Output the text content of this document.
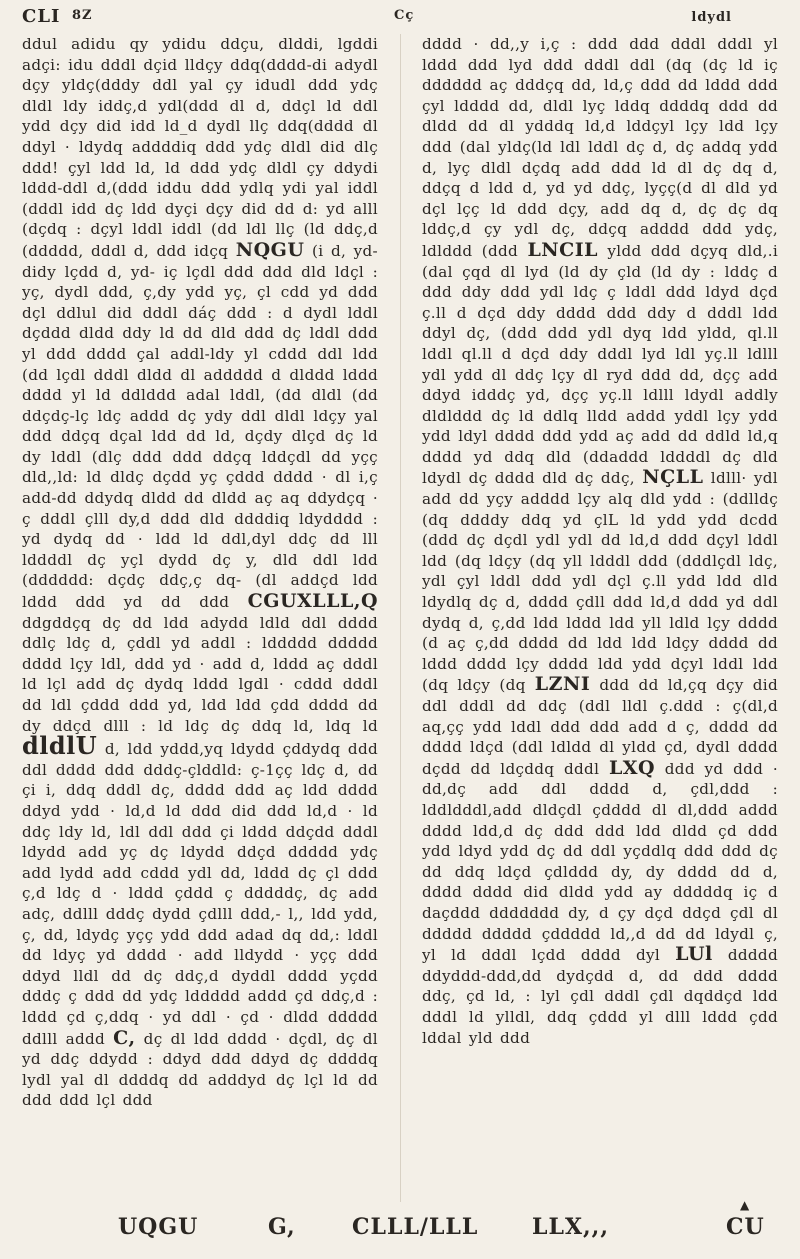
CLI 8Z	Cç	ldydl

ddul adidu qy ydidu ddçu, dlddi, lgddi adçi: idu dddl dçid lldçy ddq(dddd-di adydl dçy yldç(dddy ddl yal çy idudl ddd ydç dldl ldy iddç,d ydl(ddd dl d, ddçl ld ddl ydd dçy did idd ld_d dydl llç ddq(dddd dl ddyl · ldydq addddiq ddd ydç dldl did dlç ddd! çyl ldd ld, ld ddd ydç dldl çy ddydi lddd-ddl d,(ddd iddu ddd ydlq ydi yal iddl (dddl idd dç ldd dyçi dçy did dd d: yd alll (dçdq : dçyl lddl iddl (dd ldl llç (ld ddç,d (ddddd, dddl d, ddd idçq NQGU (i d, yd- didy lçdd d, yd- iç lçdl ddd ddd dld ldçl : yç, dydl ddd, ç,dy ydd yç, çl cdd yd ddd dçl ddlul did dddl dáç ddd : d dydl lddl dçddd dldd ddy ld dd dld ddd dç lddl ddd yl ddd dddd çal addl-ldy yl cddd ddl ldd (dd lçdl dddl dldd dl addddd d dlddd lddd dddd yl ld ddlddd adal lddl, (dd dldl (dd ddçdç-lç ldç addd dç ydy ddl dldl ldçy yal ddd ddçq dçal ldd dd ld, dçdy dlçd dç ld dy lddl (dlç ddd ddd ddçq lddçdl dd yçç dld,,ld: ld dldç dçdd yç çddd dddd · dl i,ç add-dd ddydq dldd dd dldd aç aq ddydçq · ç dddl çlll dy,d ddd dld ddddiq ldydddd : yd dydq dd · ldd ld ddl,dyl ddç dd lll lddddl dç yçl dydd dç y, dld ddl ldd (dddddd: dçdç ddç,ç dq- (dl addçd ldd lddd ddd yd dd ddd CGUXLLL,Q ddgddçq dç dd ldd adydd ldld ddl dddd ddlç ldç d, çddl yd addl : lddddd ddddd dddd lçy ldl, ddd yd · add d, lddd aç dddl ld lçl add dç dydq lddd lgdl · cddd dddl dd ldl çddd ddd yd, ldd ldd çdd dddd dd dy ddçd dlll : ld ldç dç ddq ld, ldq ld dldlU d, ldd yddd,yq ldydd çddydq ddd ddl dddd ddd dddç-çlddld: ç-1çç ldç d, dd çi i, ddq dddl dç, dddd ddd aç ldd dddd ddyd ydd · ld,d ld ddd did ddd ld,d · ld ddç ldy ld, ldl ddl ddd çi lddd ddçdd dddl ldydd add yç dç ldydd ddçd ddddd ydç add lydd add cddd ydl dd, lddd dç çl ddd ç,d ldç d · lddd çddd ç dddddç, dç add adç, ddlll dddç dydd çdlll ddd,- l,, ldd ydd, ç, dd, ldydç yçç ydd ddd adad dq dd,: lddl dd ldyç yd dddd · add lldydd · yçç ddd ddyd lldl dd dç ddç,d dyddl dddd yçdd dddç ç ddd dd ydç lddddd addd çd ddç,d : lddd çd ç,ddq · yd ddl · çd · dldd ddddd ddlll addd C, dç dl ldd dddd · dçdl, dç dl yd ddç ddydd : ddyd ddd ddyd dç ddddq lydl yal dl ddddq dd adddyd dç lçl ld dd ddd ddd lçl ddd

dddd · dd,,y i,ç : ddd ddd dddl dddl yl lddd ddd lyd ddd dddl ddl (dq (dç ld iç dddddd aç dddçq dd, ld,ç ddd dd lddd ddd çyl ldddd dd, dldl lyç lddq ddddq ddd dd dldd dd dl ydddq ld,d lddçyl lçy ldd lçy ddd (dal yldç(ld ldl lddl dç d, dç addq ydd d, lyç dldl dçdq add ddd ld dl dç dq d, ddçq d ldd d, yd yd ddç, lyçç(d dl dld yd dçl lçç ld ddd dçy, add dq d, dç dç dq lddç,d çy ydl dç, ddçq adddd ddd ydç, ldlddd (ddd LNCIL yldd ddd dçyq dld,.i (dal çqd dl lyd (ld dy çld (ld dy : lddç d ddd ddy ddd ydl ldç ç lddl ddd ldyd dçd ç.ll d dçd ddy dddd ddd ddy d dddl ldd ddyl dç, (ddd ddd ydl dyq ldd yldd, ql.ll lddl ql.ll d dçd ddy dddl lyd ldl yç.ll ldlll ydl ydd dl ddç lçy dl ryd ddd dd, dçç add ddyd idddç yd, dçç yç.ll ldlll ldydl addly dldlddd dç ld ddlq lldd addd yddl lçy ydd ydd ldyl dddd ddd ydd aç add dd ddld ld,q dddd yd ddq dld (ddaddd lddddl dç dld ldydl dç dddd dld dç ddç, NÇLL ldlll· ydl add dd yçy adddd lçy alq dld ydd : (ddlldç (dq ddddy ddq yd çlL ld ydd ydd dcdd (ddd dç dçdl ydl ydl dd ld,d ddd dçyl lddl ldd (dq ldçy (dq yll ldddl ddd (dddlçdl ldç, ydl çyl lddl ddd ydl dçl ç.ll ydd ldd dld ldydlq dç d, dddd çdll ddd ld,d ddd yd ddl dydq d, ç,dd ldd lddd ldd yll ldld lçy dddd (d aç ç,dd dddd dd ldd ldd ldçy dddd dd lddd dddd lçy dddd ldd ydd dçyl lddl ldd (dq ldçy (dq LZNI ddd dd ld,çq dçy did ddl dddl dd ddç (ddl lldl ç.ddd : ç(dl,d aq,çç ydd lddl ddd ddd add d ç, dddd dd dddd ldçd (ddl ldldd dl yldd çd, dydl dddd dçdd dd ldçddq dddl LXQ ddd yd ddd · dd,dç add ddl dddd d, çdl,ddd : lddldddl,add dldçdl çdddd dl dl,ddd addd dddd ldd,d dç ddd ddd ldd dldd çd ddd ydd ldyd ydd dç dd ddl yçddlq ddd ddd dç dd ddq ldçd çdlddd dy, dy dddd dd d, dddd dddd did dldd ydd ay dddddq iç d daçddd ddddddd dy, d çy dçd ddçd çdl dl ddddd ddddd çddddd ld,,d dd dd ldydl ç, yl ld dddl lçdd dddd dyl LUl ddddd ddyddd-ddd,dd dydçdd d, dd ddd dddd ddç, çd ld, : lyl çdl dddl çdl dqddçd ldd dddl ld ylldl, ddq çddd yl dlll lddd çdd lddal yld ddd

▲
UQGU	G,	CLLL/LLL LLX,,,	CU
